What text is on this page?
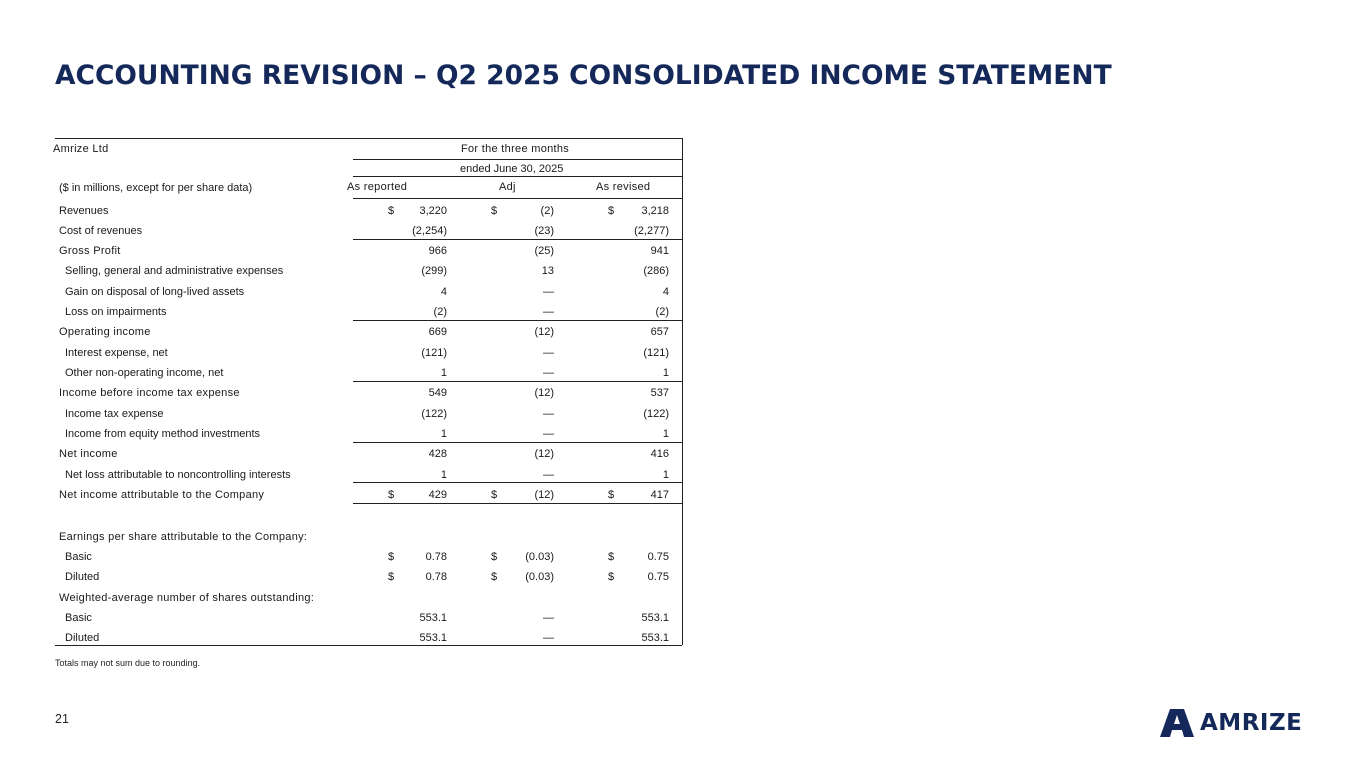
ACCOUNTING REVISION – Q2 2025 CONSOLIDATED INCOME STATEMENT
Amrize Ltd	For the three months
ended June 30, 2025
($ in millions, except for per share data)	As reported	Adj	As revised
Revenues	$	3,220	$	(2)	$	3,218
Cost of revenues	(2,254)	(23)	(2,277)
Gross Profit	966	(25)	941
Selling, general and administrative expenses	(299)	13	(286)
Gain on disposal of long-lived assets	4	—	4
Loss on impairments	(2)	—	(2)
Operating income	669	(12)	657
Interest expense, net	(121)	—	(121)
Other non-operating income, net	1	—	1
Income before income tax expense	549	(12)	537
Income tax expense	(122)	—	(122)
Income from equity method investments	1	—	1
Net income	428	(12)	416
Net loss attributable to noncontrolling interests	1	—	1
Net income attributable to the Company	$	429	$	(12)	$	417
Earnings per share attributable to the Company:
Basic	$	0.78	$	(0.03)	$	0.75
Diluted	$	0.78	$	(0.03)	$	0.75
Weighted-average number of shares outstanding:
Basic	553.1	—	553.1
Diluted	553.1	—	553.1
Totals may not sum due to rounding.
21	AMRIZE
